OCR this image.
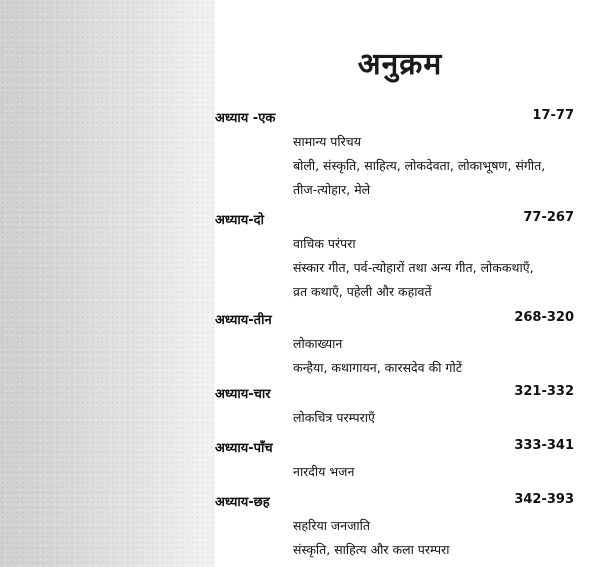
अनुक्रम
अध्याय -एक	17-77
सामान्य परिचय
बोली, संस्कृति, साहित्य, लोकदेवता, लोकाभूषण, संगीत,
तीज-त्योहार, मेले
अध्याय-दो	77-267
वाचिक परंपरा
संस्कार गीत, पर्व-त्योहारों तथा अन्य गीत, लोककथाएँ,
व्रत कथाएँ, पहेली और कहावतें
अध्याय-तीन	268-320
लोकाख्यान
कन्हैया, कथागायन, कारसदेव की गोटें
अध्याय-चार	321-332
लोकचित्र परम्पराएँ
अध्याय-पाँच	333-341
नारदीय भजन
अध्याय-छह	342-393
सहरिया जनजाति
संस्कृति, साहित्य और कला परम्परा
